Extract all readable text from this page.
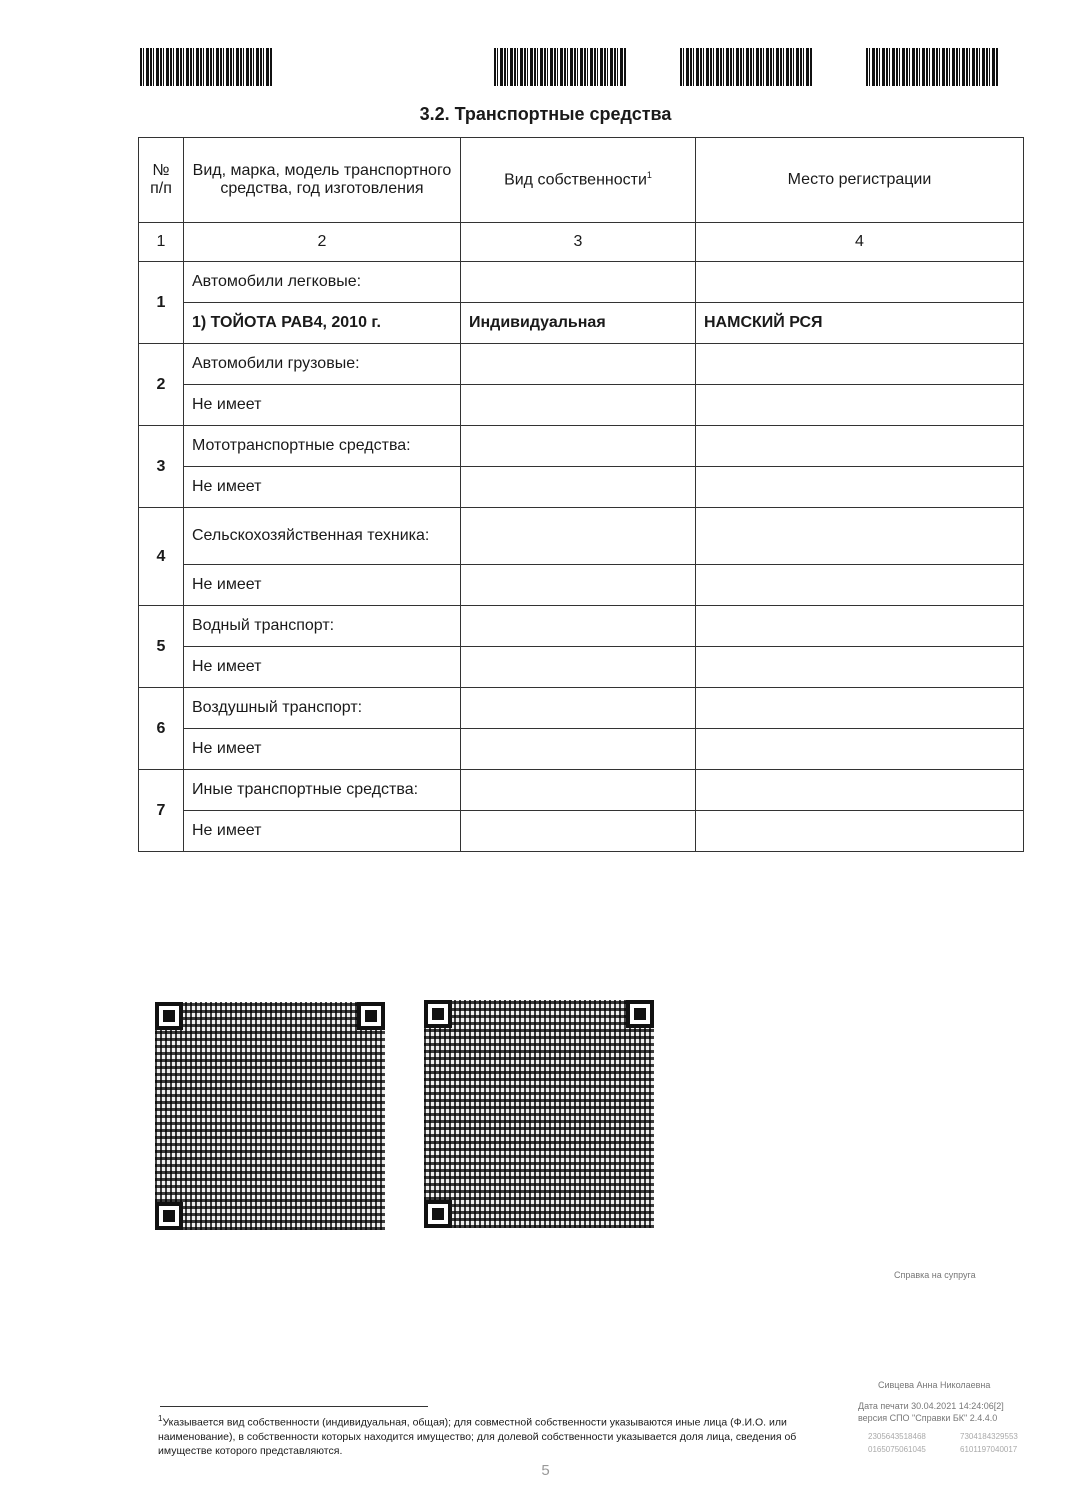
3.2. Транспортные средства
№ п/п	Вид, марка, модель транспортного средства, год изготовления	Вид собственности$^1$	Место регистрации
1	2	3	4
1	Автомобили легковые:		
	1) ТОЙОТА РАВ4, 2010 г.	Индивидуальная	НАМСКИЙ РСЯ
2	Автомобили грузовые:		
	Не имеет		
3	Мототранспортные средства:		
	Не имеет		
4	Сельскохозяйственная техника:		
	Не имеет		
5	Водный транспорт:		
	Не имеет		
6	Воздушный транспорт:		
	Не имеет		
7	Иные транспортные средства:		
	Не имеет		
Справка на супруга
Сивцева Анна Николаевна
Дата печати 30.04.2021 14:24:06[2]
версия СПО "Справки БК" 2.4.4.0
2305643518468	7304184329553
0165075061045	6101197040017
$^1$Указывается вид собственности (индивидуальная, общая); для совместной собственности указываются иные лица (Ф.И.О. или наименование), в собственности которых находится имущество; для долевой собственности указывается доля лица, сведения об имуществе которого представляются.
5
